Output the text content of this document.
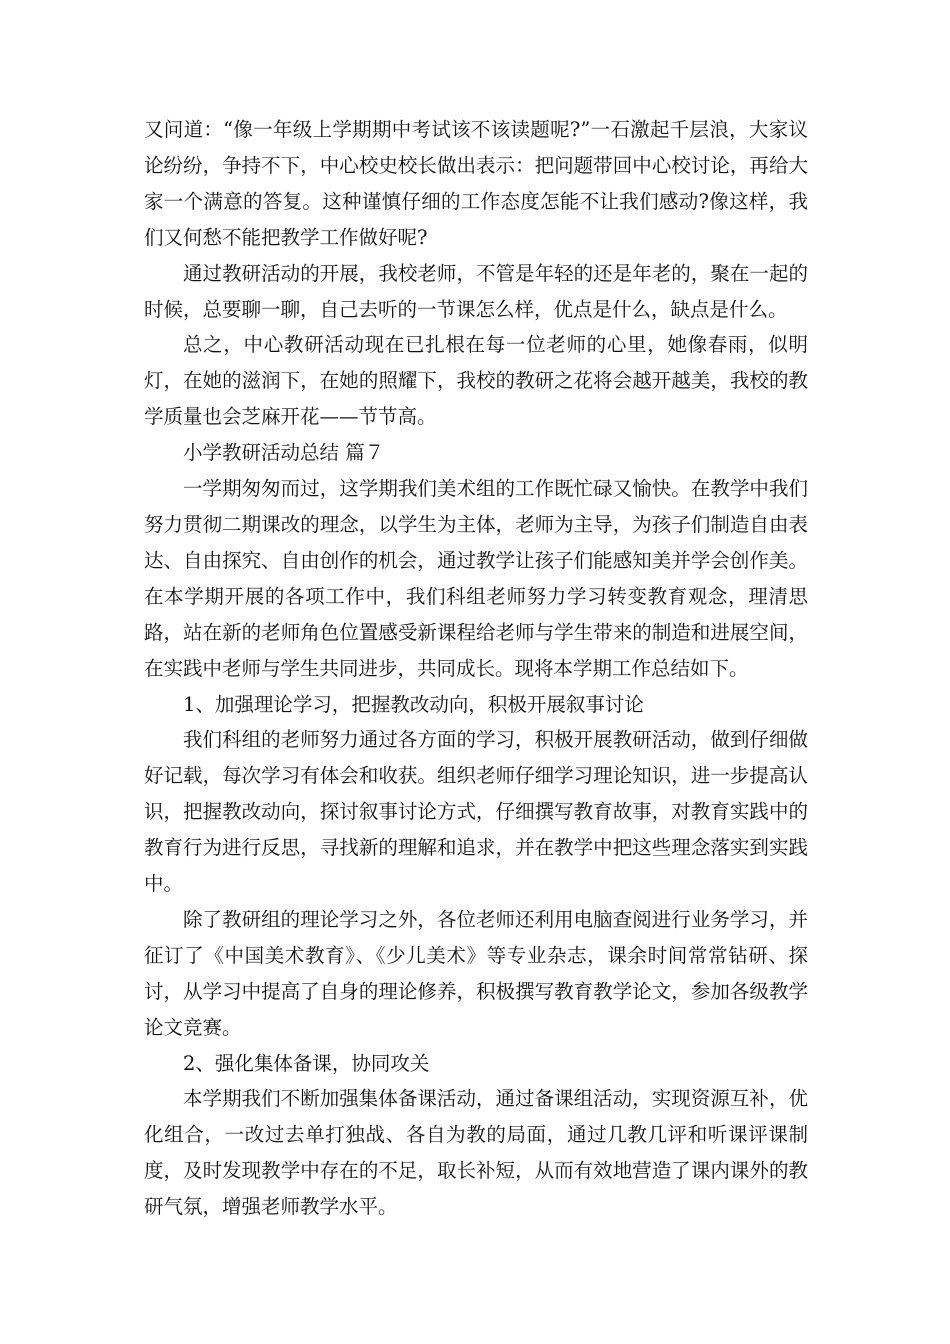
又问道：“像一年级上学期期中考试该不该读题呢?”一石激起千层浪，大家议论纷纷，争持不下，中心校史校长做出表示：把问题带回中心校讨论，再给大家一个满意的答复。这种谨慎仔细的工作态度怎能不让我们感动?像这样，我们又何愁不能把教学工作做好呢?

通过教研活动的开展，我校老师，不管是年轻的还是年老的，聚在一起的时候，总要聊一聊，自己去听的一节课怎么样，优点是什么，缺点是什么。

总之，中心教研活动现在已扎根在每一位老师的心里，她像春雨，似明灯，在她的滋润下，在她的照耀下，我校的教研之花将会越开越美，我校的教学质量也会芝麻开花——节节高。

小学教研活动总结 篇７

一学期匆匆而过，这学期我们美术组的工作既忙碌又愉快。在教学中我们努力贯彻二期课改的理念，以学生为主体，老师为主导，为孩子们制造自由表达、自由探究、自由创作的机会，通过教学让孩子们能感知美并学会创作美。在本学期开展的各项工作中，我们科组老师努力学习转变教育观念，理清思路，站在新的老师角色位置感受新课程给老师与学生带来的制造和进展空间，在实践中老师与学生共同进步，共同成长。现将本学期工作总结如下。

1、加强理论学习，把握教改动向，积极开展叙事讨论

我们科组的老师努力通过各方面的学习，积极开展教研活动，做到仔细做好记载，每次学习有体会和收获。组织老师仔细学习理论知识，进一步提高认识，把握教改动向，探讨叙事讨论方式，仔细撰写教育故事，对教育实践中的教育行为进行反思，寻找新的理解和追求，并在教学中把这些理念落实到实践中。

除了教研组的理论学习之外，各位老师还利用电脑查阅进行业务学习，并征订了《中国美术教育》、《少儿美术》等专业杂志，课余时间常常钻研、探讨，从学习中提高了自身的理论修养，积极撰写教育教学论文，参加各级教学论文竞赛。

2、强化集体备课，协同攻关

本学期我们不断加强集体备课活动，通过备课组活动，实现资源互补，优化组合，一改过去单打独战、各自为教的局面，通过几教几评和听课评课制度，及时发现教学中存在的不足，取长补短，从而有效地营造了课内课外的教研气氛，增强老师教学水平。
